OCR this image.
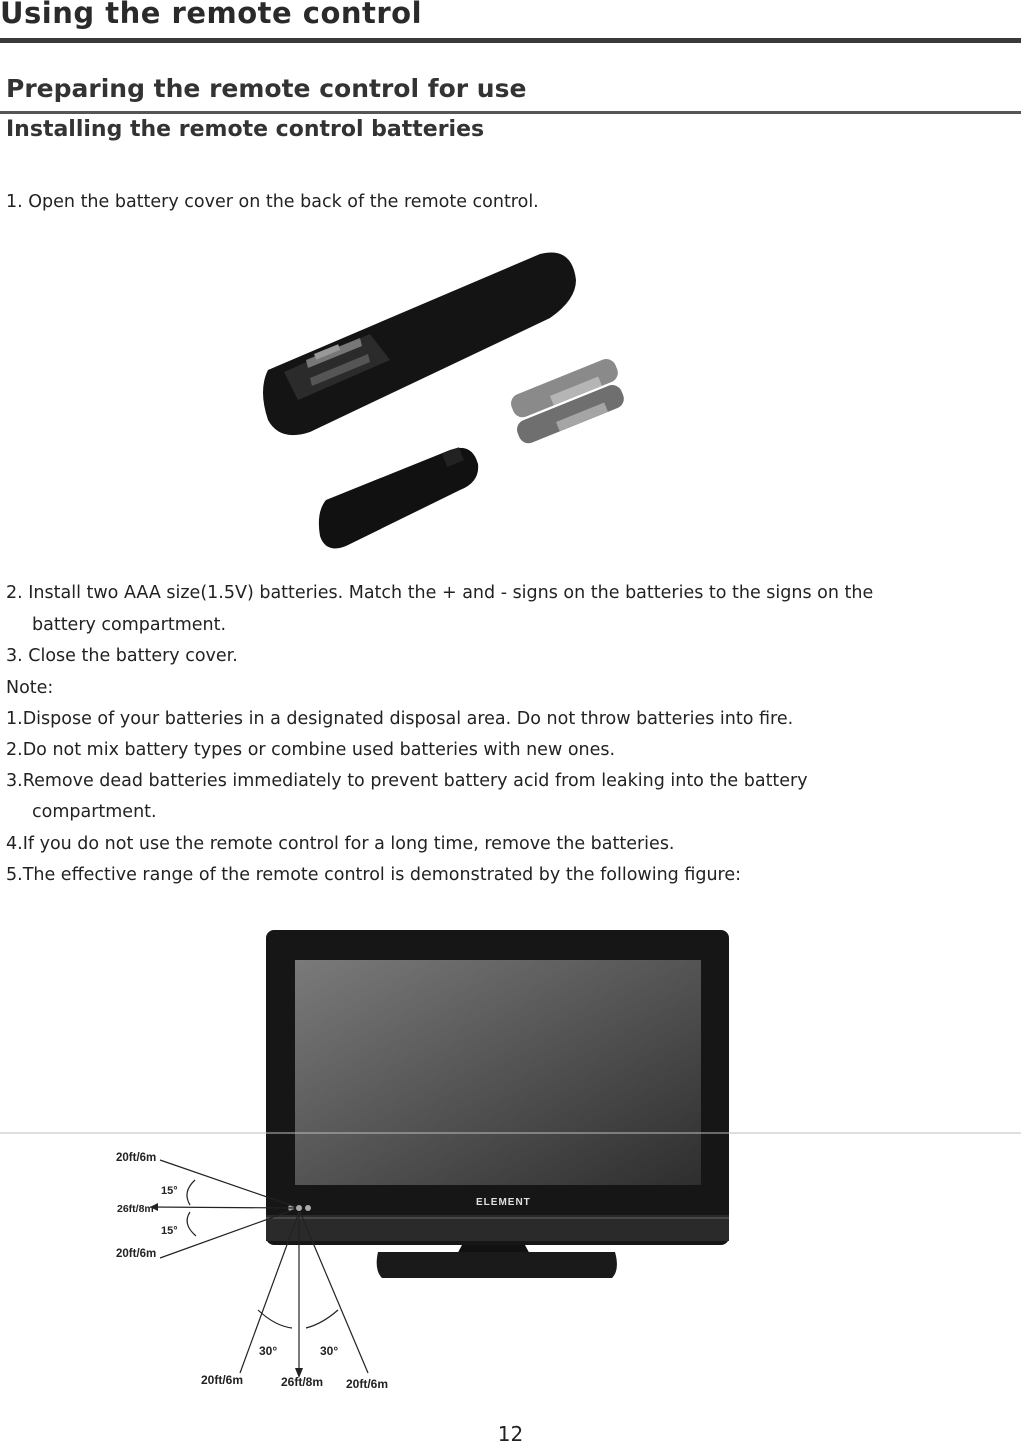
Using the remote control
Preparing the remote control for use
Installing the remote control batteries
1. Open the battery cover on the back of the remote control.
2. Install two AAA size(1.5V) batteries. Match the + and - signs on the batteries to the signs on the
battery compartment.
3. Close the battery cover.
Note:
1.Dispose of your batteries in a designated disposal area. Do not throw batteries into fire.
2.Do not mix battery types or combine used batteries with new ones.
3.Remove dead batteries immediately to prevent battery acid from leaking into the battery
compartment.
4.If you do not use the remote control for a long time, remove the batteries.
5.The effective range of the remote control is demonstrated by the following figure:
ELEMENT
20ft/6m
15°
26ft/8m
15°
20ft/6m
30°	30°
20ft/6m	26ft/8m 20ft/6m
12
